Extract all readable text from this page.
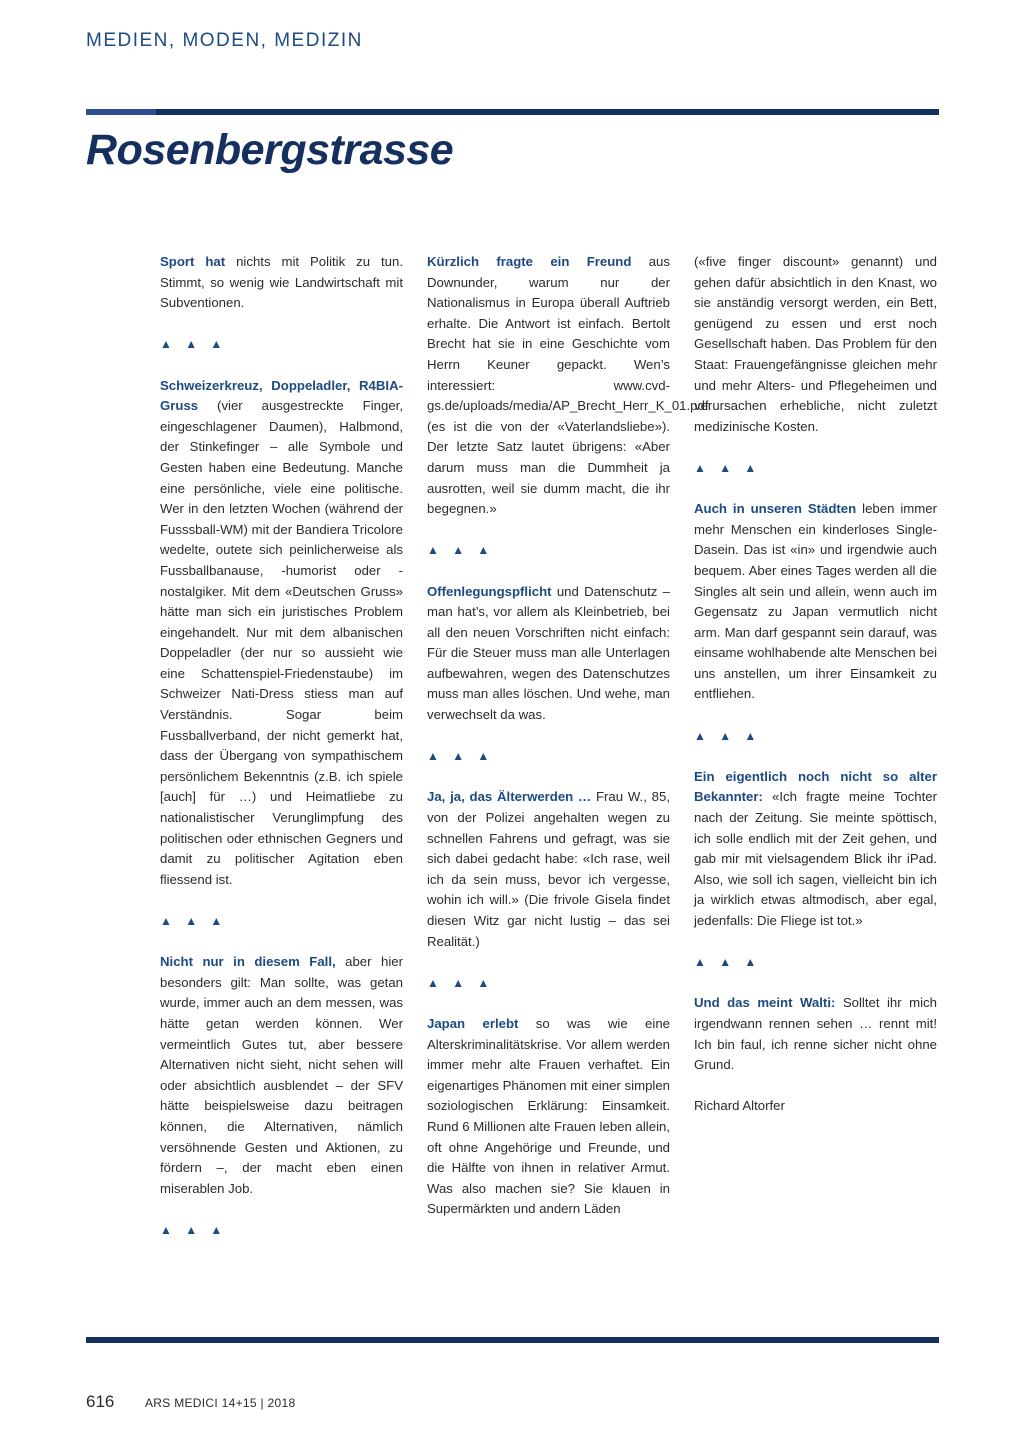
MEDIEN, MODEN, MEDIZIN
Rosenbergstrasse

Sport hat nichts mit Politik zu tun. Stimmt, so wenig wie Landwirtschaft mit Subventionen.

▲ ▲ ▲

Schweizerkreuz, Doppeladler, R4BIA-Gruss (vier ausgestreckte Finger, eingeschlagener Daumen), Halbmond, der Stinkefinger – alle Symbole und Gesten haben eine Bedeutung. Manche eine persönliche, viele eine politische. Wer in den letzten Wochen (während der Fusssball-WM) mit der Bandiera Tricolore wedelte, outete sich peinlicherweise als Fussballbanause, -humorist oder -nostalgiker. Mit dem «Deutschen Gruss» hätte man sich ein juristisches Problem eingehandelt. Nur mit dem albanischen Doppeladler (der nur so aussieht wie eine Schattenspiel-Friedenstaube) im Schweizer Nati-Dress stiess man auf Verständnis. Sogar beim Fussballverband, der nicht gemerkt hat, dass der Übergang von sympathischem persönlichem Bekenntnis (z.B. ich spiele [auch] für …) und Heimatliebe zu nationalistischer Verunglimpfung des politischen oder ethnischen Gegners und damit zu politischer Agitation eben fliessend ist.

▲ ▲ ▲

Nicht nur in diesem Fall, aber hier besonders gilt: Man sollte, was getan wurde, immer auch an dem messen, was hätte getan werden können. Wer vermeintlich Gutes tut, aber bessere Alternativen nicht sieht, nicht sehen will oder absichtlich ausblendet – der SFV hätte beispielsweise dazu beitragen können, die Alternativen, nämlich versöhnende Gesten und Aktionen, zu fördern –, der macht eben einen miserablen Job.

▲ ▲ ▲

Kürzlich fragte ein Freund aus Downunder, warum nur der Nationalismus in Europa überall Auftrieb erhalte. Die Antwort ist einfach. Bertolt Brecht hat sie in eine Geschichte vom Herrn Keuner gepackt. Wen’s interessiert: www.cvd-gs.de/uploads/media/AP_Brecht_Herr_K_01.pdf (es ist die von der «Vaterlandsliebe»). Der letzte Satz lautet übrigens: «Aber darum muss man die Dummheit ja ausrotten, weil sie dumm macht, die ihr begegnen.»

▲ ▲ ▲

Offenlegungspflicht und Datenschutz – man hat’s, vor allem als Kleinbetrieb, bei all den neuen Vorschriften nicht einfach: Für die Steuer muss man alle Unterlagen aufbewahren, wegen des Datenschutzes muss man alles löschen. Und wehe, man verwechselt da was.

▲ ▲ ▲

Ja, ja, das Älterwerden … Frau W., 85, von der Polizei angehalten wegen zu schnellen Fahrens und gefragt, was sie sich dabei gedacht habe: «Ich rase, weil ich da sein muss, bevor ich vergesse, wohin ich will.» (Die frivole Gisela findet diesen Witz gar nicht lustig – das sei Realität.)

▲ ▲ ▲

Japan erlebt so was wie eine Alterskriminalitätskrise. Vor allem werden immer mehr alte Frauen verhaftet. Ein eigenartiges Phänomen mit einer simplen soziologischen Erklärung: Einsamkeit. Rund 6 Millionen alte Frauen leben allein, oft ohne Angehörige und Freunde, und die Hälfte von ihnen in relativer Armut. Was also machen sie? Sie klauen in Supermärkten und andern Läden

(«five finger discount» genannt) und gehen dafür absichtlich in den Knast, wo sie anständig versorgt werden, ein Bett, genügend zu essen und erst noch Gesellschaft haben. Das Problem für den Staat: Frauengefängnisse gleichen mehr und mehr Alters- und Pflegeheimen und verursachen erhebliche, nicht zuletzt medizinische Kosten.

▲ ▲ ▲

Auch in unseren Städten leben immer mehr Menschen ein kinderloses Single-Dasein. Das ist «in» und irgendwie auch bequem. Aber eines Tages werden all die Singles alt sein und allein, wenn auch im Gegensatz zu Japan vermutlich nicht arm. Man darf gespannt sein darauf, was einsame wohlhabende alte Menschen bei uns anstellen, um ihrer Einsamkeit zu entfliehen.

▲ ▲ ▲

Ein eigentlich noch nicht so alter Bekannter: «Ich fragte meine Tochter nach der Zeitung. Sie meinte spöttisch, ich solle endlich mit der Zeit gehen, und gab mir mit vielsagendem Blick ihr iPad. Also, wie soll ich sagen, vielleicht bin ich ja wirklich etwas altmodisch, aber egal, jedenfalls: Die Fliege ist tot.»

▲ ▲ ▲

Und das meint Walti: Solltet ihr mich irgendwann rennen sehen … rennt mit! Ich bin faul, ich renne sicher nicht ohne Grund.

Richard Altorfer

616	ARS MEDICI 14+15 | 2018
